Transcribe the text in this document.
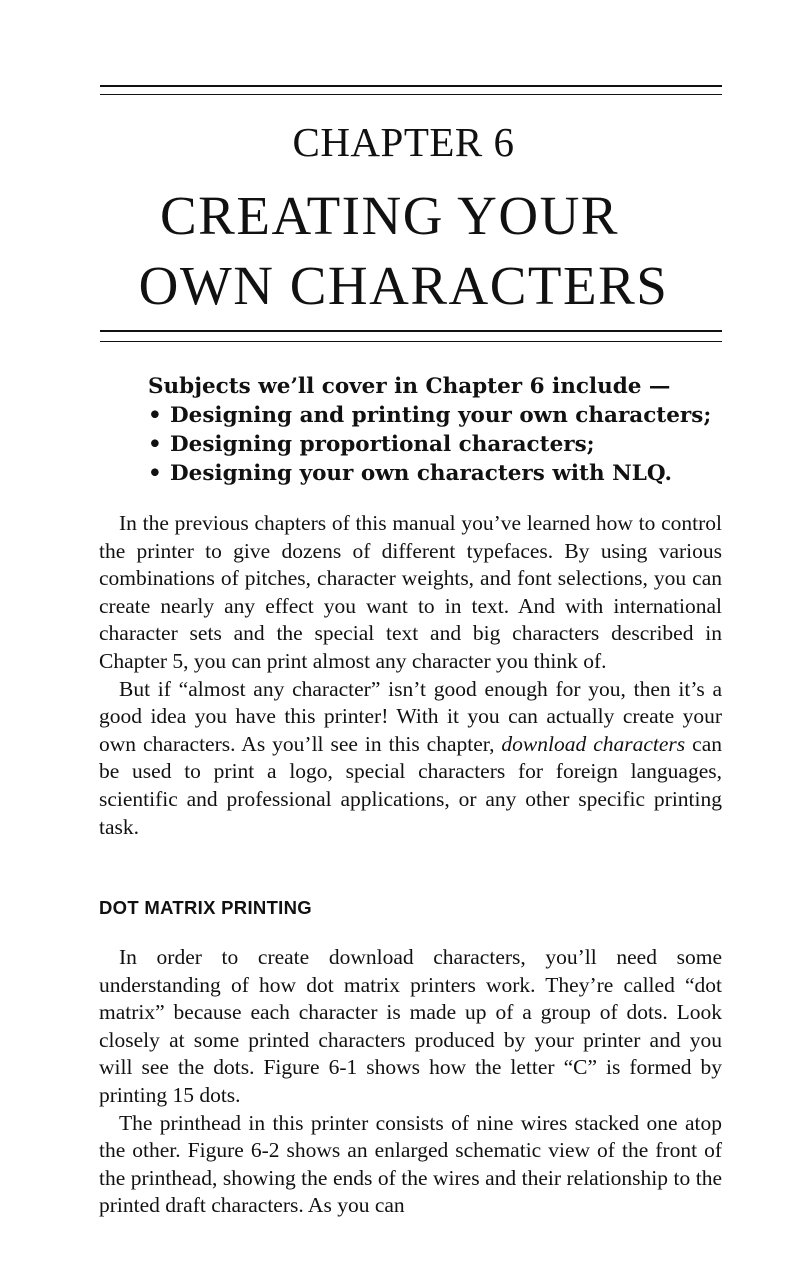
CHAPTER 6
CREATING YOUR
OWN CHARACTERS
Subjects we’ll cover in Chapter 6 include —
• Designing and printing your own characters;
• Designing proportional characters;
• Designing your own characters with NLQ.

In the previous chapters of this manual you’ve learned how to control the printer to give dozens of different typefaces. By using various combinations of pitches, character weights, and font selections, you can create nearly any effect you want to in text. And with international character sets and the special text and big characters described in Chapter 5, you can print almost any character you think of.

But if “almost any character” isn’t good enough for you, then it’s a good idea you have this printer! With it you can actually create your own characters. As you’ll see in this chapter, download characters can be used to print a logo, special characters for foreign languages, scientific and professional applications, or any other specific printing task.

DOT MATRIX PRINTING

In order to create download characters, you’ll need some understanding of how dot matrix printers work. They’re called “dot matrix” because each character is made up of a group of dots. Look closely at some printed characters produced by your printer and you will see the dots. Figure 6-1 shows how the letter “C” is formed by printing 15 dots.

The printhead in this printer consists of nine wires stacked one atop the other. Figure 6-2 shows an enlarged schematic view of the front of the printhead, showing the ends of the wires and their relationship to the printed draft characters. As you can
